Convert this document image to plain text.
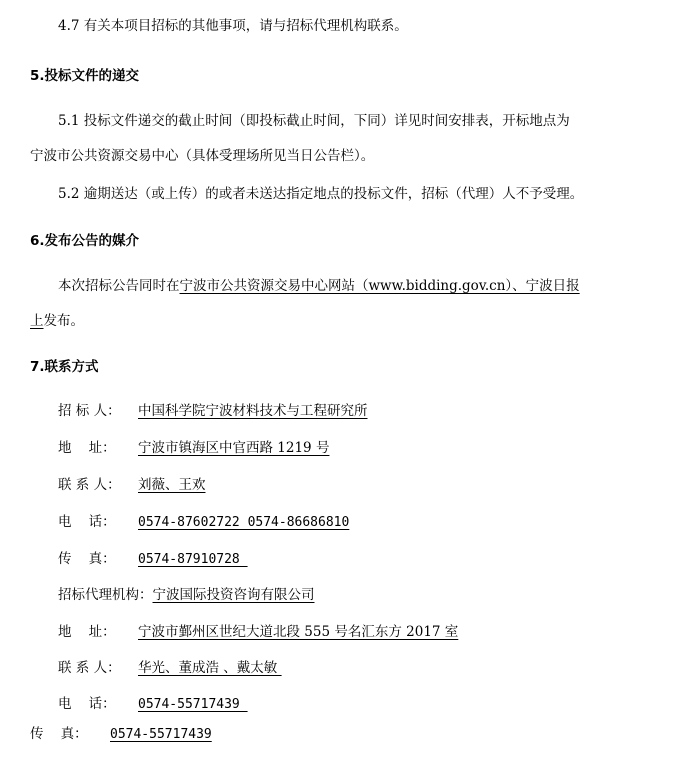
4.7 有关本项目招标的其他事项，请与招标代理机构联系。
5.投标文件的递交
5.1 投标文件递交的截止时间（即投标截止时间，下同）详见时间安排表，开标地点为
宁波市公共资源交易中心（具体受理场所见当日公告栏）。
5.2 逾期送达（或上传）的或者未送达指定地点的投标文件，招标（代理）人不予受理。
6.发布公告的媒介
本次招标公告同时在宁波市公共资源交易中心网站（www.bidding.gov.cn）、宁波日报
上发布。
7.联系方式
招 标 人： 中国科学院宁波材料技术与工程研究所
地    址： 宁波市镇海区中官西路 1219 号
联 系 人： 刘薇、王欢
电    话： 0574-87602722 0574-86686810
传    真： 0574-87910728
招标代理机构：宁波国际投资咨询有限公司
地    址： 宁波市鄞州区世纪大道北段 555 号名汇东方 2017 室
联 系 人： 华光、董成浩 、戴太敏
电    话： 0574-55717439
传    真： 0574-55717439
